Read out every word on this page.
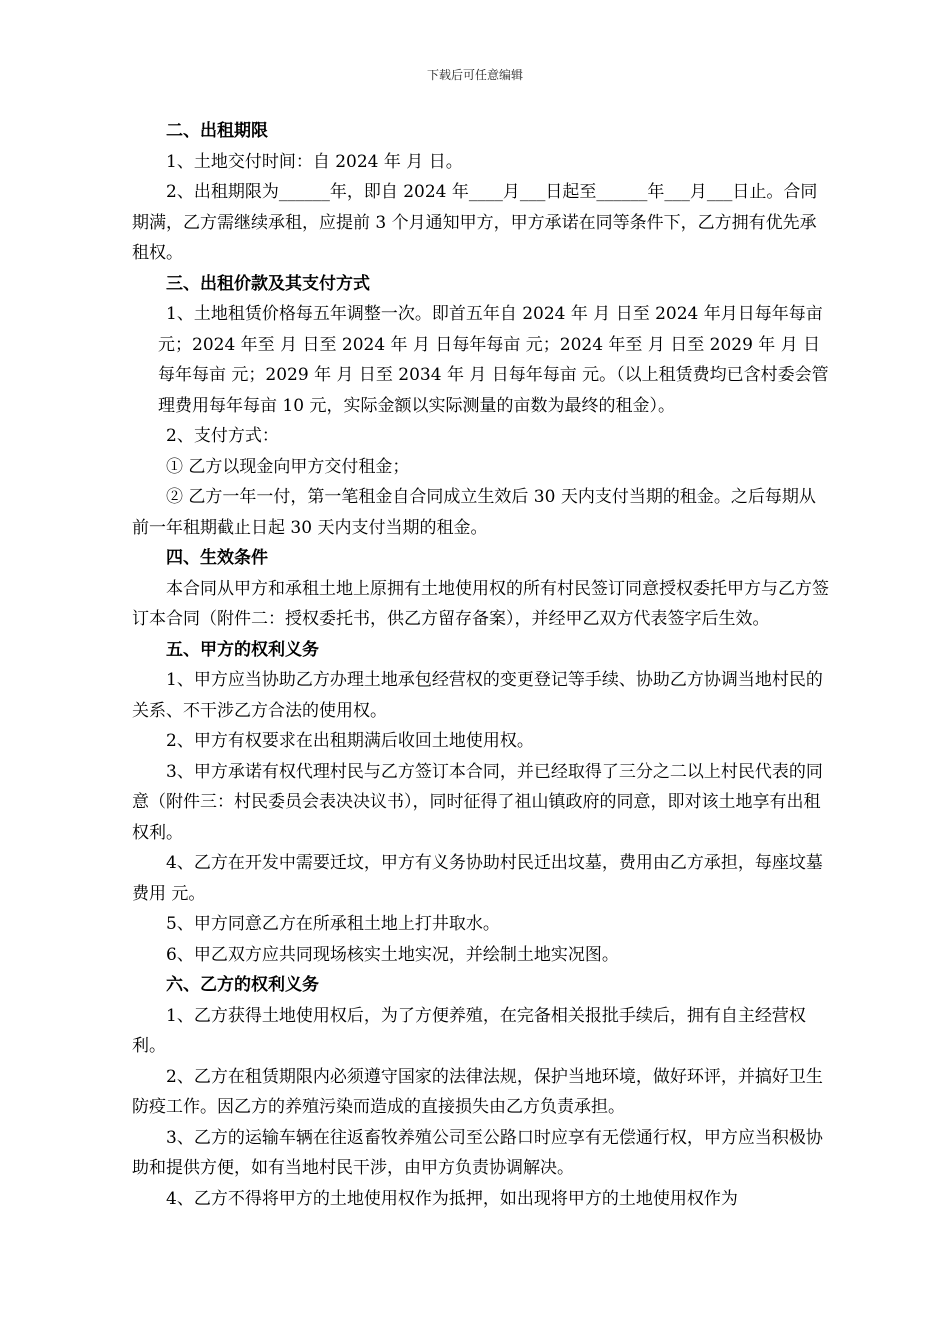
下载后可任意编辑

二、出租期限

1、土地交付时间：自 2024 年 月 日。

2、出租期限为______年，即自 2024 年____月___日起至______年___月___日止。合同期满，乙方需继续承租，应提前 3 个月通知甲方，甲方承诺在同等条件下，乙方拥有优先承租权。

三、出租价款及其支付方式

1、土地租赁价格每五年调整一次。即首五年自 2024 年 月 日至 2024 年月日每年每亩 元；2024 年至 月 日至 2024 年 月 日每年每亩 元；2024 年至 月 日至 2029 年 月 日每年每亩 元；2029 年 月 日至 2034 年 月 日每年每亩 元。（以上租赁费均已含村委会管理费用每年每亩 10 元，实际金额以实际测量的亩数为最终的租金）。

2、支付方式：

① 乙方以现金向甲方交付租金；

② 乙方一年一付，第一笔租金自合同成立生效后 30 天内支付当期的租金。之后每期从前一年租期截止日起 30 天内支付当期的租金。

四、生效条件

本合同从甲方和承租土地上原拥有土地使用权的所有村民签订同意授权委托甲方与乙方签订本合同（附件二：授权委托书，供乙方留存备案），并经甲乙双方代表签字后生效。

五、甲方的权利义务

1、甲方应当协助乙方办理土地承包经营权的变更登记等手续、协助乙方协调当地村民的关系、不干涉乙方合法的使用权。

2、甲方有权要求在出租期满后收回土地使用权。

3、甲方承诺有权代理村民与乙方签订本合同，并已经取得了三分之二以上村民代表的同意（附件三：村民委员会表决决议书），同时征得了祖山镇政府的同意，即对该土地享有出租权利。

4、乙方在开发中需要迁坟，甲方有义务协助村民迁出坟墓，费用由乙方承担，每座坟墓费用 元。

5、甲方同意乙方在所承租土地上打井取水。

6、甲乙双方应共同现场核实土地实况，并绘制土地实况图。

六、乙方的权利义务

1、乙方获得土地使用权后，为了方便养殖，在完备相关报批手续后，拥有自主经营权利。

2、乙方在租赁期限内必须遵守国家的法律法规，保护当地环境，做好环评，并搞好卫生防疫工作。因乙方的养殖污染而造成的直接损失由乙方负责承担。

3、乙方的运输车辆在往返畜牧养殖公司至公路口时应享有无偿通行权，甲方应当积极协助和提供方便，如有当地村民干涉，由甲方负责协调解决。

4、乙方不得将甲方的土地使用权作为抵押，如出现将甲方的土地使用权作为
